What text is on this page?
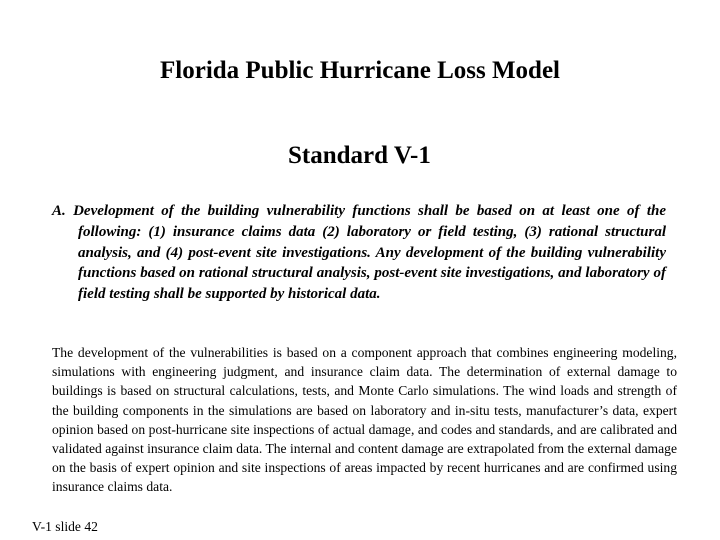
Florida Public Hurricane Loss Model
Standard V-1
A. Development of the building vulnerability functions shall be based on at least one of the following: (1) insurance claims data (2) laboratory or field testing, (3) rational structural analysis, and (4) post-event site investigations. Any development of the building vulnerability functions based on rational structural analysis, post-event site investigations, and laboratory of field testing shall be supported by historical data.
The development of the vulnerabilities is based on a component approach that combines engineering modeling, simulations with engineering judgment, and insurance claim data. The determination of external damage to buildings is based on structural calculations, tests, and Monte Carlo simulations. The wind loads and strength of the building components in the simulations are based on laboratory and in-situ tests, manufacturer’s data, expert opinion based on post-hurricane site inspections of actual damage, and codes and standards, and are calibrated and validated against insurance claim data. The internal and content damage are extrapolated from the external damage on the basis of expert opinion and site inspections of areas impacted by recent hurricanes and are confirmed using insurance claims data.
V-1 slide 42
